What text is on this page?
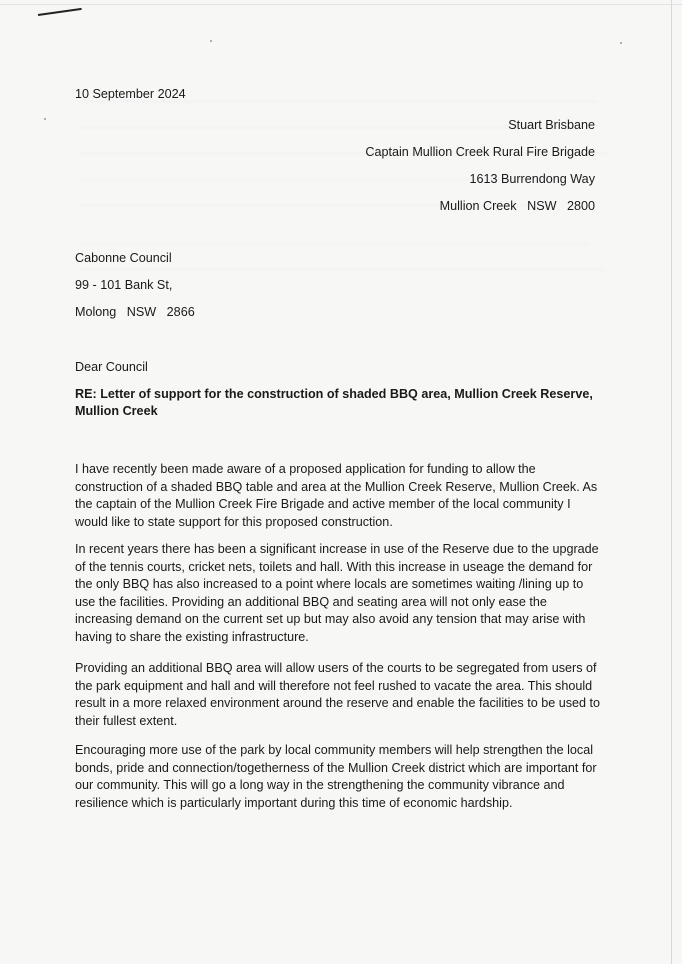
10 September 2024
Stuart Brisbane
Captain Mullion Creek Rural Fire Brigade
1613 Burrendong Way
Mullion Creek   NSW   2800
Cabonne Council
99 - 101 Bank St,
Molong   NSW   2866
Dear Council
RE: Letter of support for the construction of shaded BBQ area, Mullion Creek Reserve, Mullion Creek
I have recently been made aware of a proposed application for funding to allow the construction of a shaded BBQ table and area at the Mullion Creek Reserve, Mullion Creek. As the captain of the Mullion Creek Fire Brigade and active member of the local community I would like to state support for this proposed construction.
In recent years there has been a significant increase in use of the Reserve due to the upgrade of the tennis courts, cricket nets, toilets and hall. With this increase in useage the demand for the only BBQ has also increased to a point where locals are sometimes waiting /lining up to use the facilities. Providing an additional BBQ and seating area will not only ease the increasing demand on the current set up but may also avoid any tension that may arise with having to share the existing infrastructure.
Providing an additional BBQ area will allow users of the courts to be segregated from users of the park equipment and hall and will therefore not feel rushed to vacate the area. This should result in a more relaxed environment around the reserve and enable the facilities to be used to their fullest extent.
Encouraging more use of the park by local community members will help strengthen the local bonds, pride and connection/togetherness of the Mullion Creek district which are important for our community. This will go a long way in the strengthening the community vibrance and resilience which is particularly important during this time of economic hardship.
